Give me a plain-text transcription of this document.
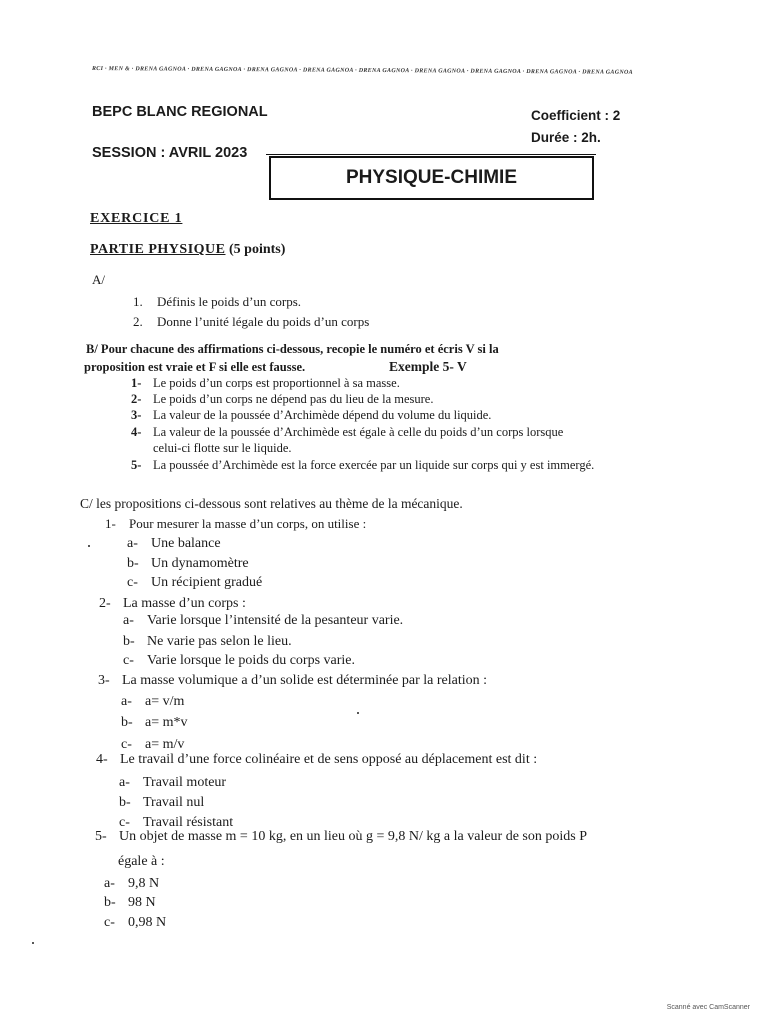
RCI · MEN & · DRENA GAGNOA · DRENA GAGNOA · DRENA GAGNOA · DRENA GAGNOA · DRENA GAGNOA · DRENA GAGNOA · DRENA GAGNOA · DRENA GAGNOA · DRENA GAGNOA
BEPC BLANC REGIONAL
SESSION : AVRIL 2023
Coefficient : 2
Durée : 2h.
PHYSIQUE-CHIMIE
EXERCICE 1
PARTIE PHYSIQUE (5 points)
A/
1. Définis le poids d’un corps.
2. Donne l’unité légale du poids d’un corps
B/ Pour chacune des affirmations ci-dessous, recopie le numéro et écris V si la
proposition est vraie et F si elle est fausse.	Exemple 5- V
1- Le poids d’un corps est proportionnel à sa masse.
2- Le poids d’un corps ne dépend pas du lieu de la mesure.
3- La valeur de la poussée d’Archimède dépend du volume du liquide.
4- La valeur de la poussée d’Archimède est égale à celle du poids d’un corps lorsque
celui-ci flotte sur le liquide.
5- La poussée d’Archimède est la force exercée par un liquide sur corps qui y est immergé.
C/ les propositions ci-dessous sont relatives au thème de la mécanique.
1- Pour mesurer la masse d’un corps, on utilise :
a- Une balance
b- Un dynamomètre
c- Un récipient gradué
2- La masse d’un corps :
a- Varie lorsque l’intensité de la pesanteur varie.
b- Ne varie pas selon le lieu.
c- Varie lorsque le poids du corps varie.
3- La masse volumique a d’un solide est déterminée par la relation :
a- a= v/m
b- a= m*v
c- a= m/v
4- Le travail d’une force colinéaire et de sens opposé au déplacement est dit :
a- Travail moteur
b- Travail nul
c- Travail résistant
5- Un objet de masse m = 10 kg, en un lieu où g = 9,8 N/ kg a la valeur de son poids P
égale à :
a- 9,8 N
b- 98 N
c- 0,98 N
Scanné avec CamScanner
